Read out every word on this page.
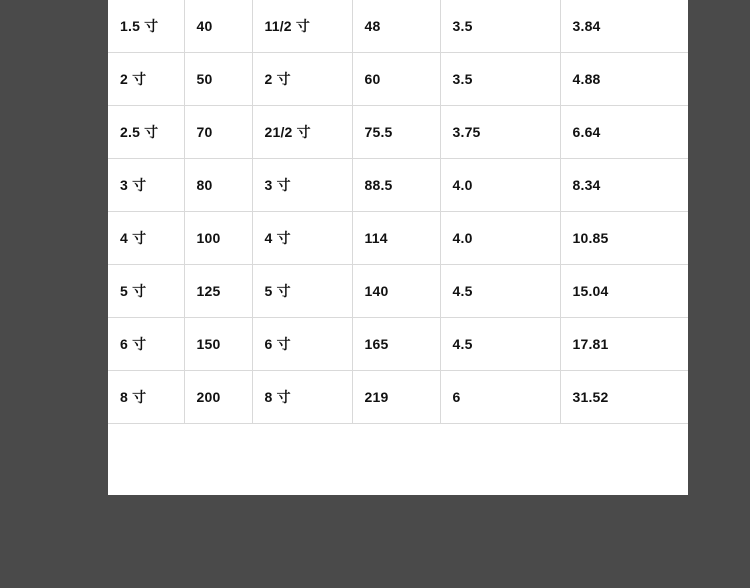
1.5 寸	40	11/2 寸	48	3.5	3.84
2 寸	50	2 寸	60	3.5	4.88
2.5 寸	70	21/2 寸	75.5	3.75	6.64
3 寸	80	3 寸	88.5	4.0	8.34
4 寸	100	4 寸	114	4.0	10.85
5 寸	125	5 寸	140	4.5	15.04
6 寸	150	6 寸	165	4.5	17.81
8 寸	200	8 寸	219	6	31.52
